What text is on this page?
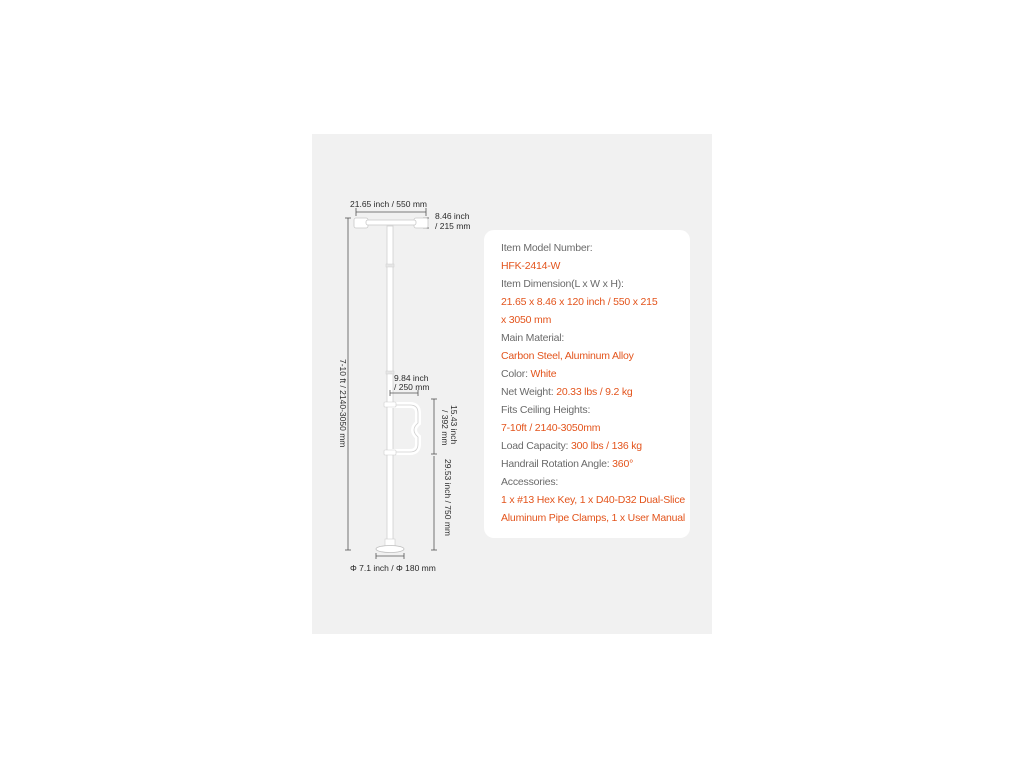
21.65 inch / 550 mm
8.46 inch
/ 215 mm
7-10 ft / 2140-3050 mm	9.84 inch
/ 250 mm
15.43 inch
/ 392 mm
29.53 inch / 750 mm
Φ 7.1 inch / Φ 180 mm
Item Model Number:
HFK-2414-W
Item Dimension(L x W x H):
21.65 x 8.46 x 120 inch / 550 x 215
x 3050 mm
Main Material:
Carbon Steel, Aluminum Alloy
Color: White
Net Weight: 20.33 lbs / 9.2 kg
Fits Ceiling Heights:
7-10ft / 2140-3050mm
Load Capacity: 300 lbs / 136 kg
Handrail Rotation Angle: 360°
Accessories:
1 x #13 Hex Key, 1 x D40-D32 Dual-Slice
Aluminum Pipe Clamps, 1 x User Manual
